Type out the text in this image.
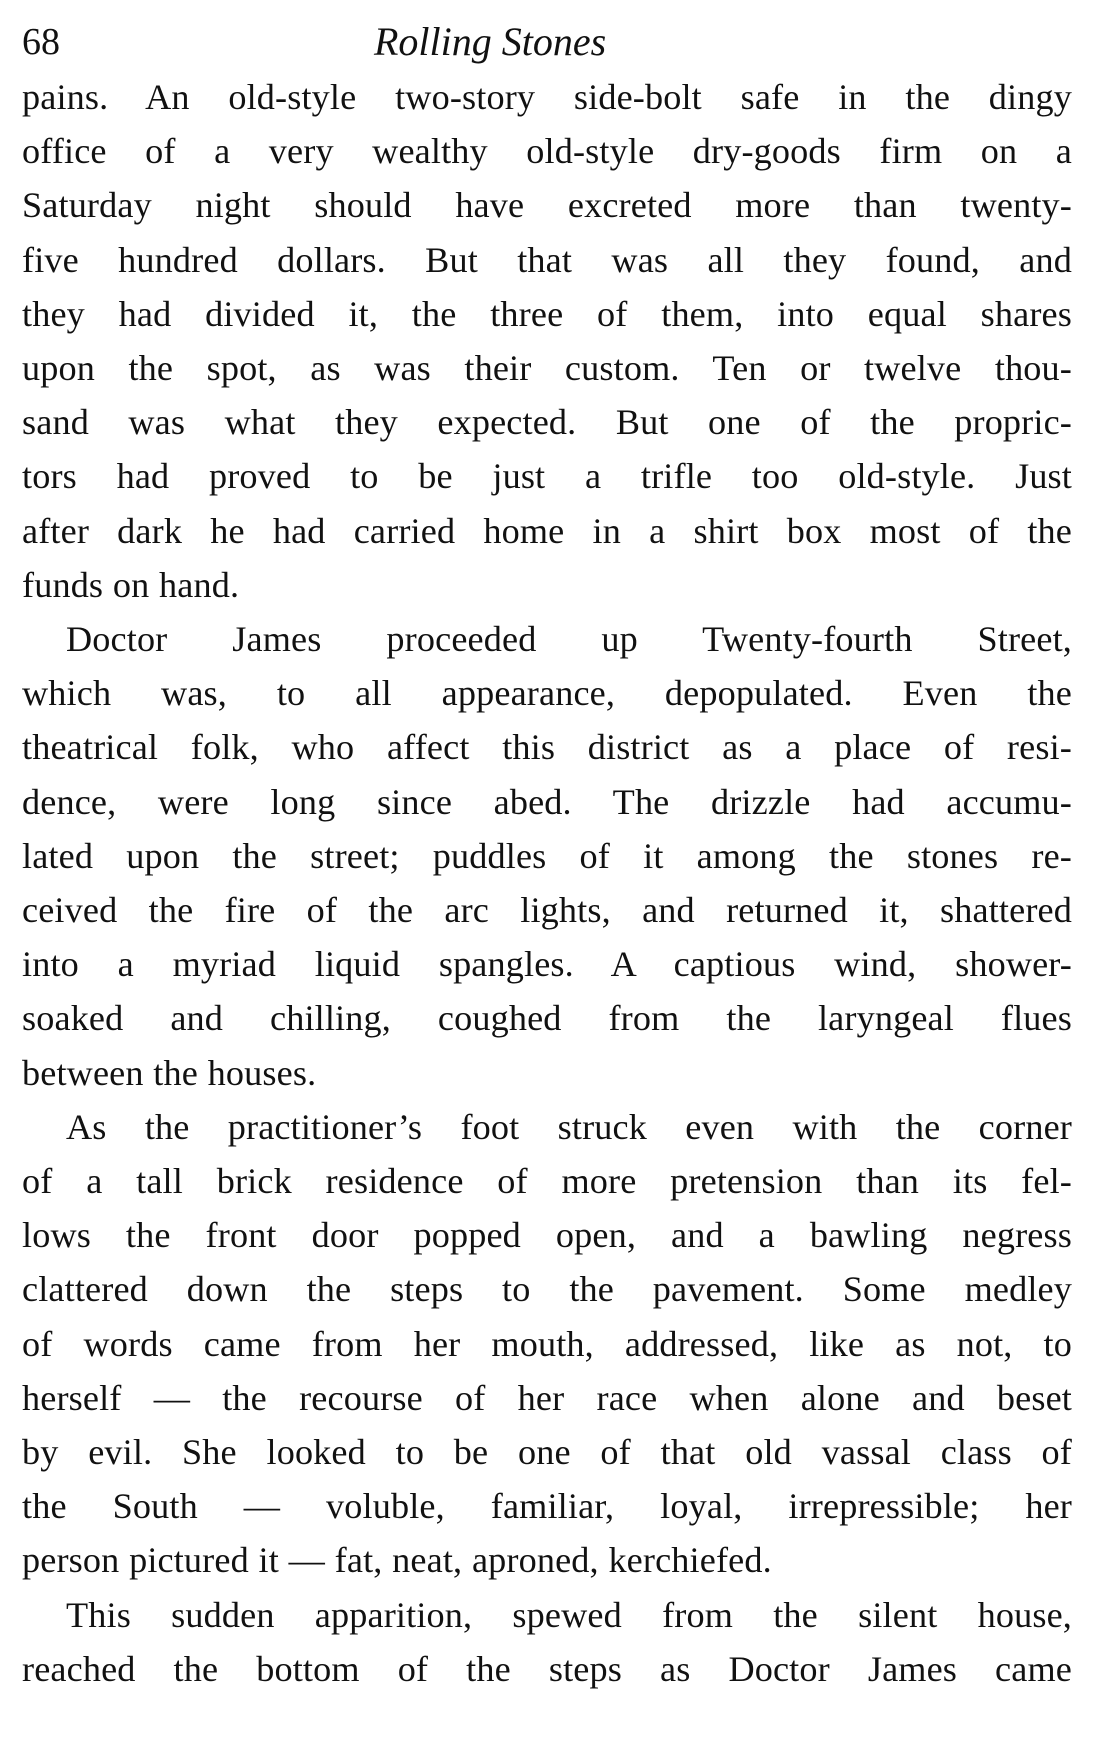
68	Rolling Stones

pains. An old-style two-story side-bolt safe in the dingy
office of a very wealthy old-style dry-goods firm on a
Saturday night should have excreted more than twenty-
five hundred dollars. But that was all they found, and
they had divided it, the three of them, into equal shares
upon the spot, as was their custom. Ten or twelve thou-
sand was what they expected. But one of the propric-
tors had proved to be just a trifle too old-style. Just
after dark he had carried home in a shirt box most of the
funds on hand.

Doctor James proceeded up Twenty-fourth Street,
which was, to all appearance, depopulated. Even the
theatrical folk, who affect this district as a place of resi-
dence, were long since abed. The drizzle had accumu-
lated upon the street; puddles of it among the stones re-
ceived the fire of the arc lights, and returned it, shattered
into a myriad liquid spangles. A captious wind, shower-
soaked and chilling, coughed from the laryngeal flues
between the houses.

As the practitioner’s foot struck even with the corner
of a tall brick residence of more pretension than its fel-
lows the front door popped open, and a bawling negress
clattered down the steps to the pavement. Some medley
of words came from her mouth, addressed, like as not, to
herself — the recourse of her race when alone and beset
by evil. She looked to be one of that old vassal class of
the South — voluble, familiar, loyal, irrepressible; her
person pictured it — fat, neat, aproned, kerchiefed.

This sudden apparition, spewed from the silent house,
reached the bottom of the steps as Doctor James came
